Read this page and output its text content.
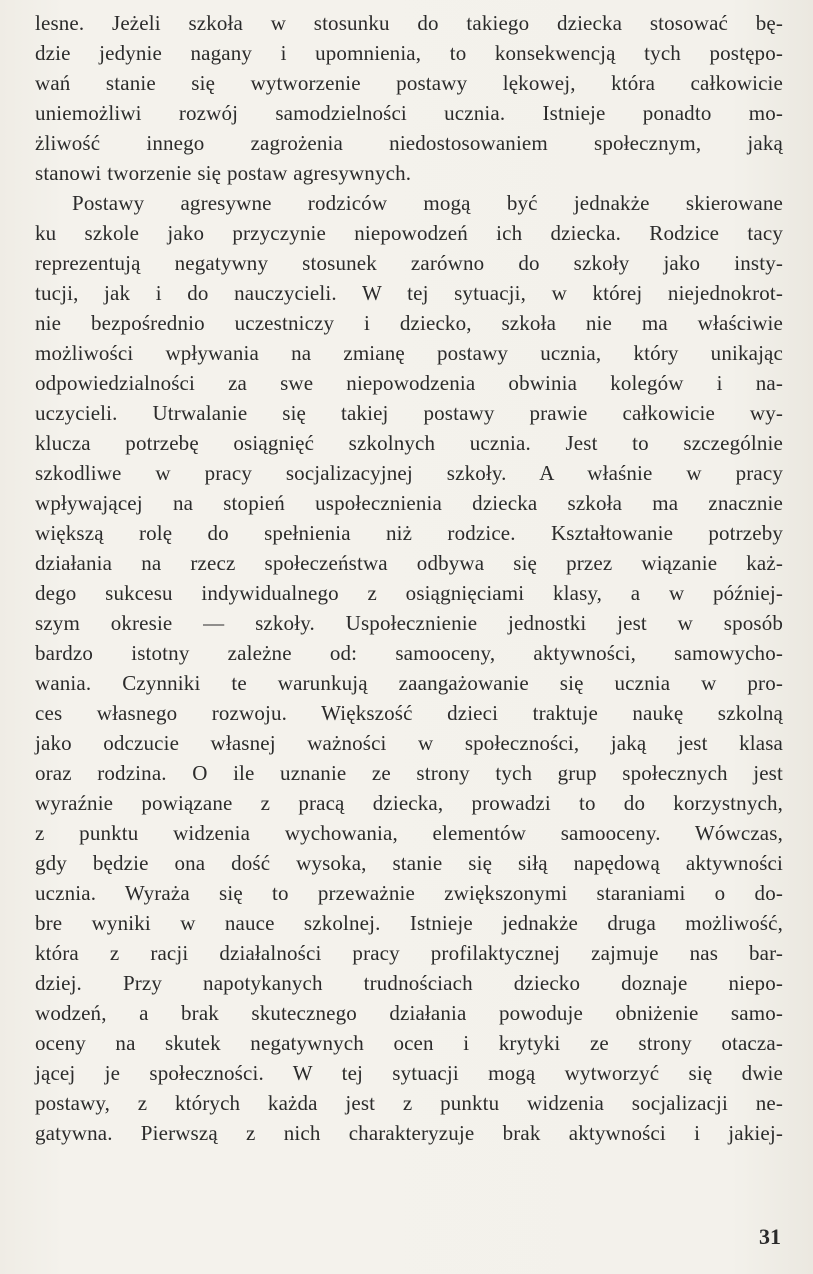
lesne. Jeżeli szkoła w stosunku do takiego dziecka stosować bę-
dzie jedynie nagany i upomnienia, to konsekwencją tych postępo-
wań stanie się wytworzenie postawy lękowej, która całkowicie
uniemożliwi rozwój samodzielności ucznia. Istnieje ponadto mo-
żliwość innego zagrożenia niedostosowaniem społecznym, jaką
stanowi tworzenie się postaw agresywnych.
Postawy agresywne rodziców mogą być jednakże skierowane
ku szkole jako przyczynie niepowodzeń ich dziecka. Rodzice tacy
reprezentują negatywny stosunek zarówno do szkoły jako insty-
tucji, jak i do nauczycieli. W tej sytuacji, w której niejednokrot-
nie bezpośrednio uczestniczy i dziecko, szkoła nie ma właściwie
możliwości wpływania na zmianę postawy ucznia, który unikając
odpowiedzialności za swe niepowodzenia obwinia kolegów i na-
uczycieli. Utrwalanie się takiej postawy prawie całkowicie wy-
klucza potrzebę osiągnięć szkolnych ucznia. Jest to szczególnie
szkodliwe w pracy socjalizacyjnej szkoły. A właśnie w pracy
wpływającej na stopień uspołecznienia dziecka szkoła ma znacznie
większą rolę do spełnienia niż rodzice. Kształtowanie potrzeby
działania na rzecz społeczeństwa odbywa się przez wiązanie każ-
dego sukcesu indywidualnego z osiągnięciami klasy, a w później-
szym okresie — szkoły. Uspołecznienie jednostki jest w sposób
bardzo istotny zależne od: samooceny, aktywności, samowycho-
wania. Czynniki te warunkują zaangażowanie się ucznia w pro-
ces własnego rozwoju. Większość dzieci traktuje naukę szkolną
jako odczucie własnej ważności w społeczności, jaką jest klasa
oraz rodzina. O ile uznanie ze strony tych grup społecznych jest
wyraźnie powiązane z pracą dziecka, prowadzi to do korzystnych,
z punktu widzenia wychowania, elementów samooceny. Wówczas,
gdy będzie ona dość wysoka, stanie się siłą napędową aktywności
ucznia. Wyraża się to przeważnie zwiększonymi staraniami o do-
bre wyniki w nauce szkolnej. Istnieje jednakże druga możliwość,
która z racji działalności pracy profilaktycznej zajmuje nas bar-
dziej. Przy napotykanych trudnościach dziecko doznaje niepo-
wodzeń, a brak skutecznego działania powoduje obniżenie samo-
oceny na skutek negatywnych ocen i krytyki ze strony otacza-
jącej je społeczności. W tej sytuacji mogą wytworzyć się dwie
postawy, z których każda jest z punktu widzenia socjalizacji ne-
gatywna. Pierwszą z nich charakteryzuje brak aktywności i jakiej-
31
